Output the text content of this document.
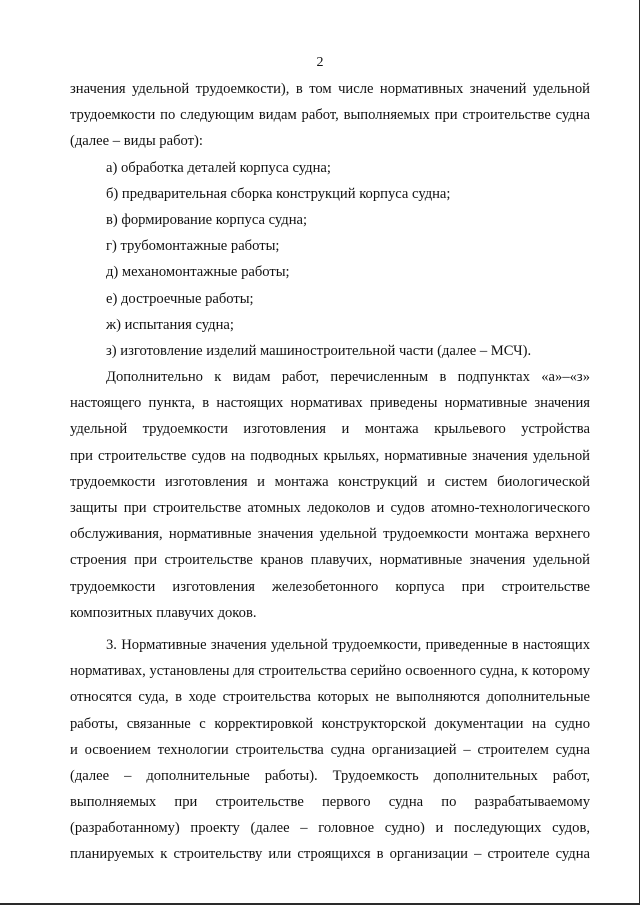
2
значения удельной трудоемкости), в том числе нормативных значений удельной
трудоемкости по следующим видам работ, выполняемых при строительстве судна
(далее – виды работ):
а) обработка деталей корпуса судна;
б) предварительная сборка конструкций корпуса судна;
в) формирование корпуса судна;
г) трубомонтажные работы;
д) механомонтажные работы;
е) достроечные работы;
ж) испытания судна;
з) изготовление изделий машиностроительной части (далее – МСЧ).
Дополнительно к видам работ, перечисленным в подпунктах «а»–«з»
настоящего пункта, в настоящих нормативах приведены нормативные значения
удельной трудоемкости изготовления и монтажа крыльевого устройства
при строительстве судов на подводных крыльях, нормативные значения удельной
трудоемкости изготовления и монтажа конструкций и систем биологической
защиты при строительстве атомных ледоколов и судов атомно-технологического
обслуживания, нормативные значения удельной трудоемкости монтажа верхнего
строения при строительстве кранов плавучих, нормативные значения удельной
трудоемкости изготовления железобетонного корпуса при строительстве
композитных плавучих доков.
3. Нормативные значения удельной трудоемкости, приведенные в настоящих
нормативах, установлены для строительства серийно освоенного судна, к которому
относятся суда, в ходе строительства которых не выполняются дополнительные
работы, связанные с корректировкой конструкторской документации на судно
и освоением технологии строительства судна организацией – строителем судна
(далее – дополнительные работы). Трудоемкость дополнительных работ,
выполняемых при строительстве первого судна по разрабатываемому
(разработанному) проекту (далее – головное судно) и последующих судов,
планируемых к строительству или строящихся в организации – строителе судна
